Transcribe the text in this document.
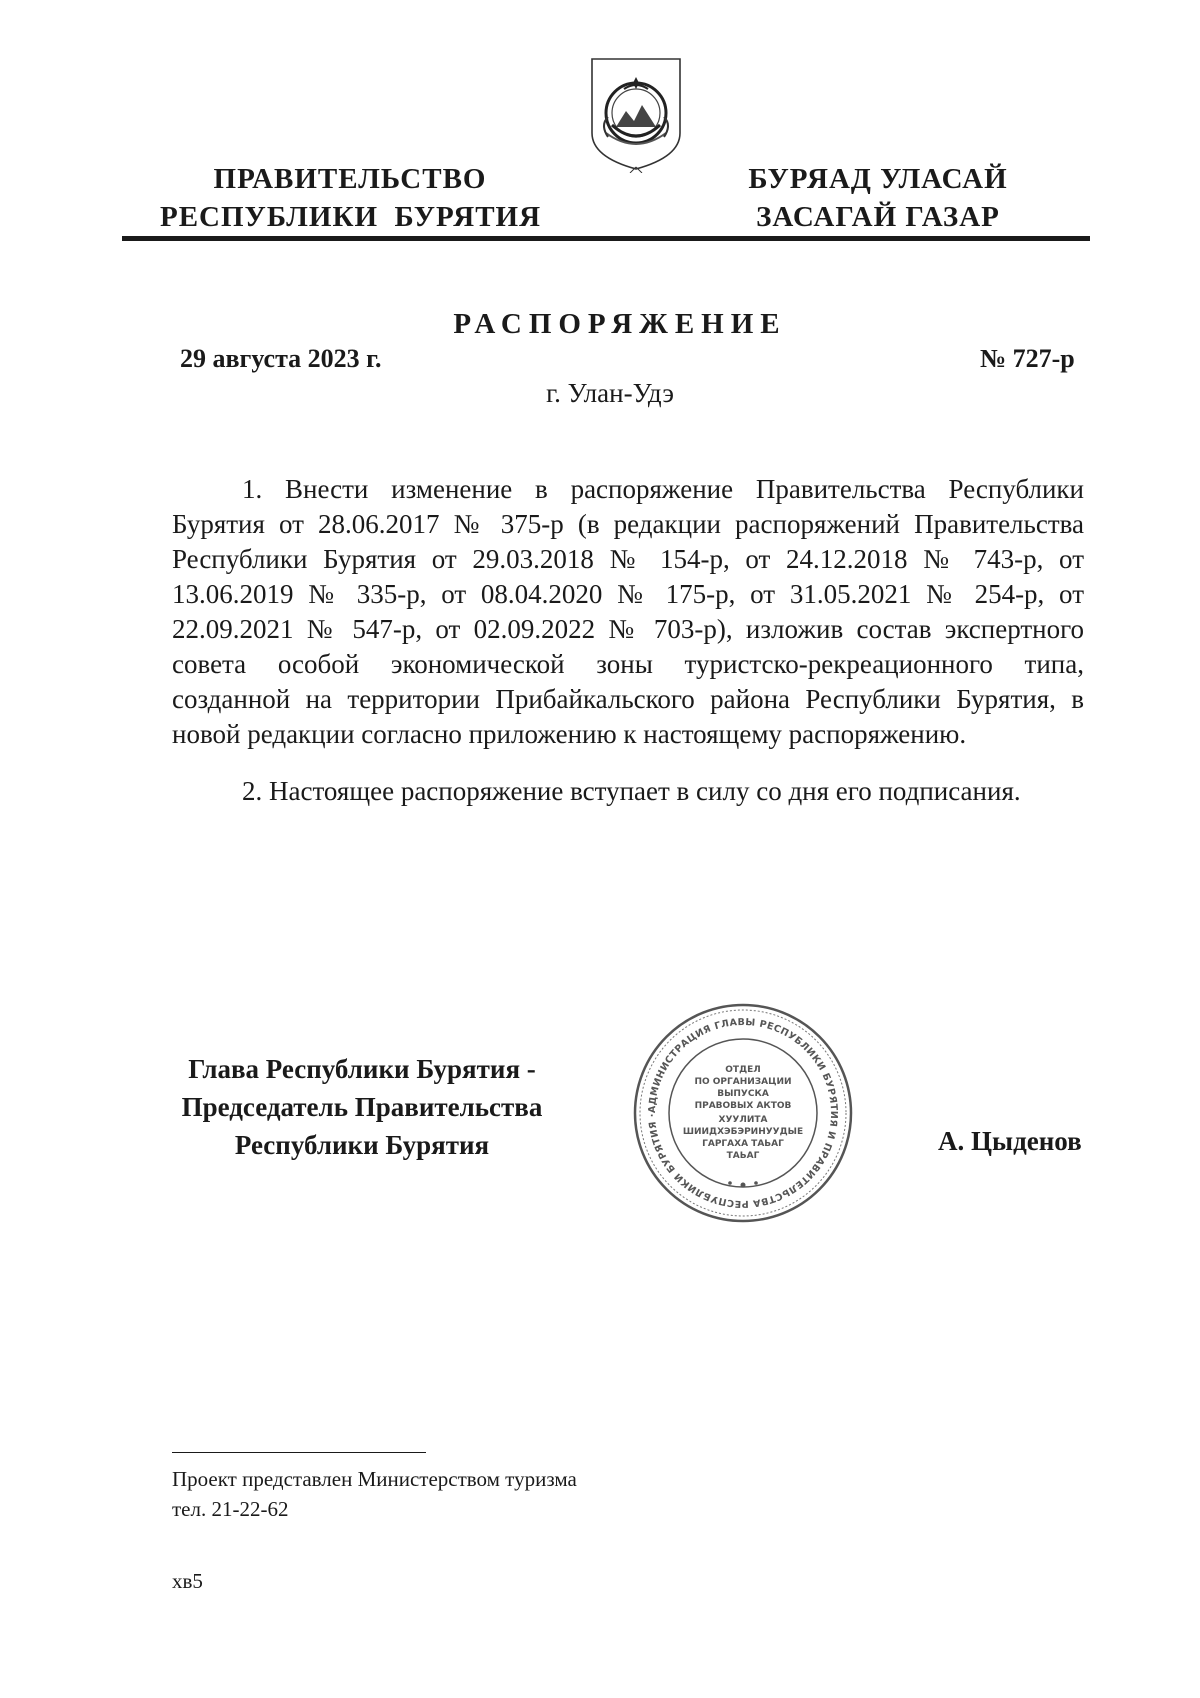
ПРАВИТЕЛЬСТВО
РЕСПУБЛИКИ  БУРЯТИЯ
БУРЯАД УЛАСАЙ
ЗАСАГАЙ ГАЗАР
РАСПОРЯЖЕНИЕ
29 августа 2023 г.	№ 727-р
г. Улан-Удэ
1. Внести изменение в распоряжение Правительства Республики Бурятия от 28.06.2017 № 375-р (в редакции распоряжений Правительства Республики Бурятия от 29.03.2018 № 154-р, от 24.12.2018 № 743-р, от 13.06.2019 № 335-р, от 08.04.2020 № 175-р, от 31.05.2021 № 254-р, от 22.09.2021 № 547-р, от 02.09.2022 № 703-р), изложив состав экспертного совета особой экономической зоны туристско-рекреационного типа, созданной на территории Прибайкальского района Республики Бурятия, в новой редакции согласно приложению к настоящему распоряжению.
2. Настоящее распоряжение вступает в силу со дня его подписания.
Глава Республики Бурятия -
Председатель Правительства
Республики Бурятия
АДМИНИСТРАЦИЯ ГЛАВЫ РЕСПУБЛИКИ БУРЯТИЯ И ПРАВИТЕЛЬСТВА РЕСПУБЛИКИ БУРЯТИЯ ·
ОТДЕЛ
ПО ОРГАНИЗАЦИИ
ВЫПУСКА
ПРАВОВЫХ АКТОВ
ХУУЛИТА
ШИИДХЭБЭРИНУУДЫЕ
ГАРГАХА ТАЬАГ
ТАЬАГ	А. Цыденов
Проект представлен Министерством туризма
тел. 21-22-62
хв5
